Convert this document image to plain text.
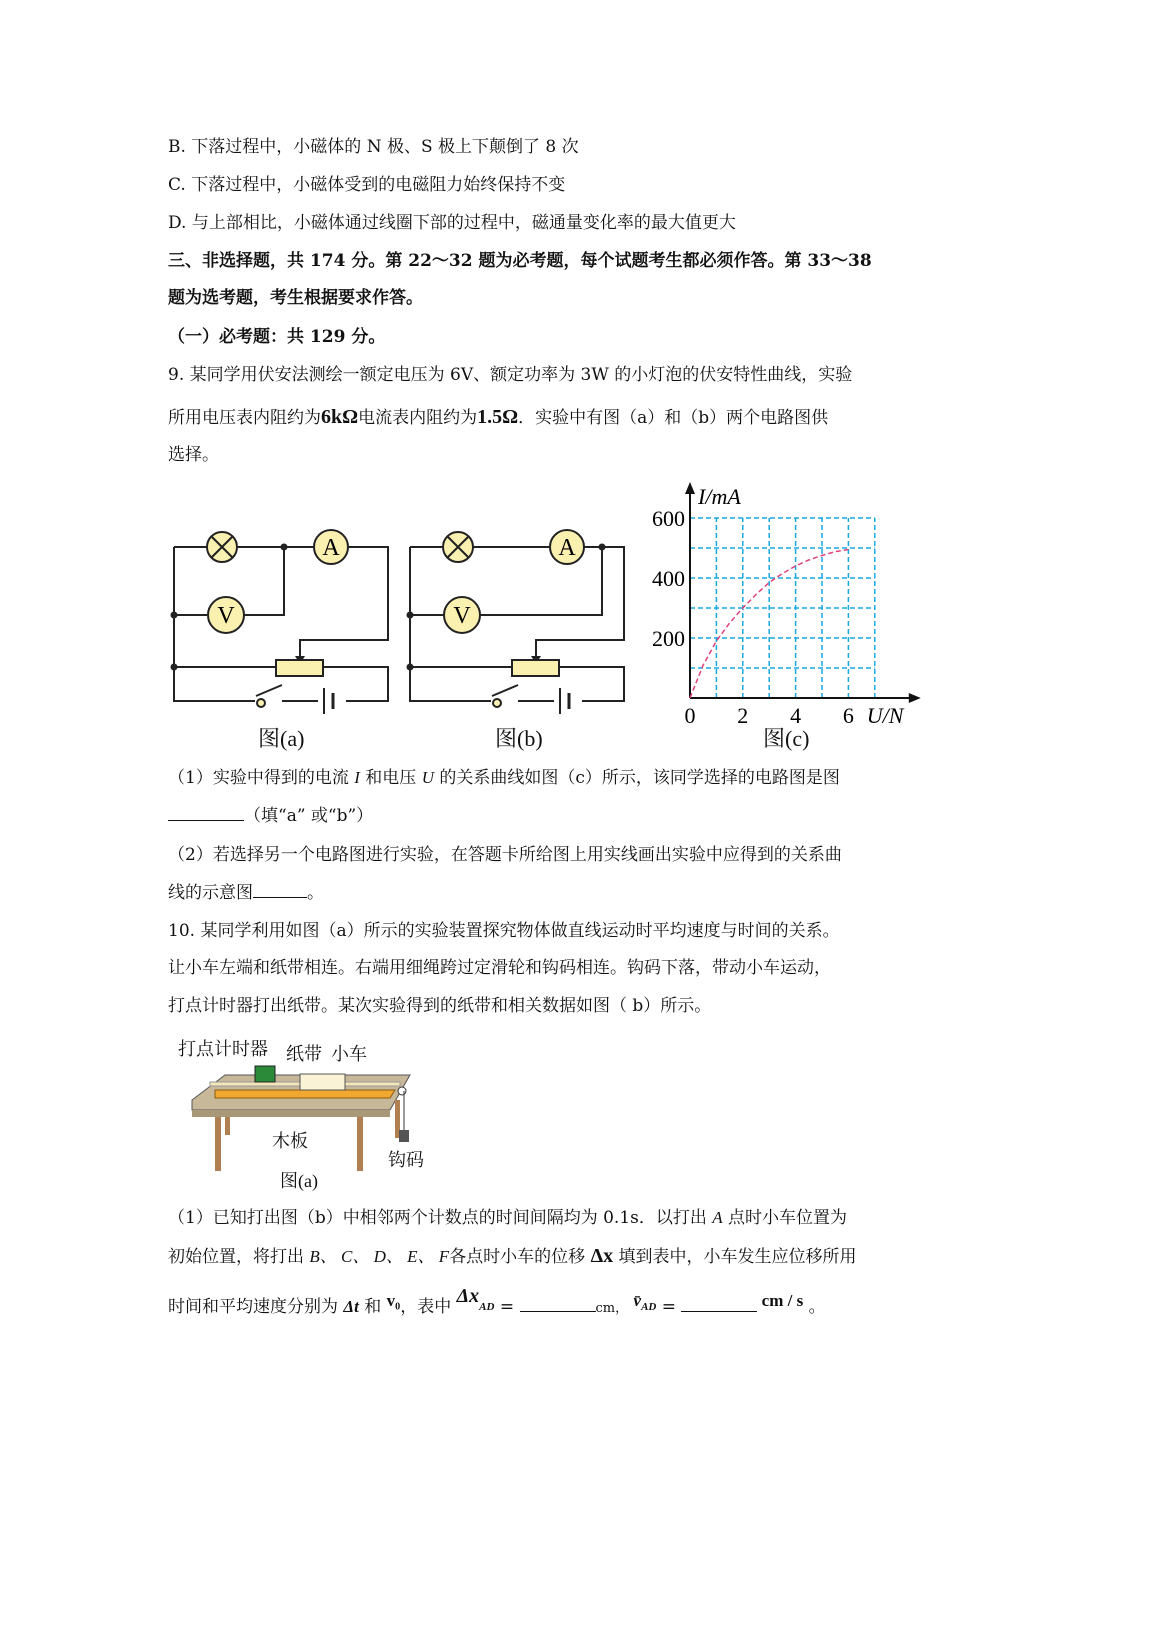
B. 下落过程中，小磁体的 N 极、S 极上下颠倒了 8 次
C. 下落过程中，小磁体受到的电磁阻力始终保持不变
D. 与上部相比，小磁体通过线圈下部的过程中，磁通量变化率的最大值更大
三、非选择题，共 174 分。第 22～32 题为必考题，每个试题考生都必须作答。第 33～38
题为选考题，考生根据要求作答。
（一）必考题：共 129 分。
9. 某同学用伏安法测绘一额定电压为 6V、额定功率为 3W 的小灯泡的伏安特性曲线，实验
所用电压表内阻约为6kΩ电流表内阻约为1.5Ω．实验中有图（a）和（b）两个电路图供
选择。
A
V
A
V
图(a)	图(b)
0 2 4 6
200
400
600
U/N
I/mA
图(c)
（1）实验中得到的电流 I 和电压 U 的关系曲线如图（c）所示，该同学选择的电路图是图
（填“a” 或“b”）
（2）若选择另一个电路图进行实验，在答题卡所给图上用实线画出实验中应得到的关系曲
线的示意图	。
10. 某同学利用如图（a）所示的实验装置探究物体做直线运动时平均速度与时间的关系。
让小车左端和纸带相连。右端用细绳跨过定滑轮和钩码相连。钩码下落，带动小车运动，
打点计时器打出纸带。某次实验得到的纸带和相关数据如图（ b）所示。
打点计时器 纸带 小车
木板
钩码
图(a)
（1）已知打出图（b）中相邻两个计数点的时间间隔均为 0.1s．以打出 A 点时小车位置为
初始位置，将打出 B、 C、 D、 E、 F各点时小车的位移 Δx 填到表中，小车发生应位移所用
时间和平均速度分别为 Δt 和 v₀，表中 $\Delta x_{AD}$ =	cm， $v̄_{AD}$ =	cm / s 。
